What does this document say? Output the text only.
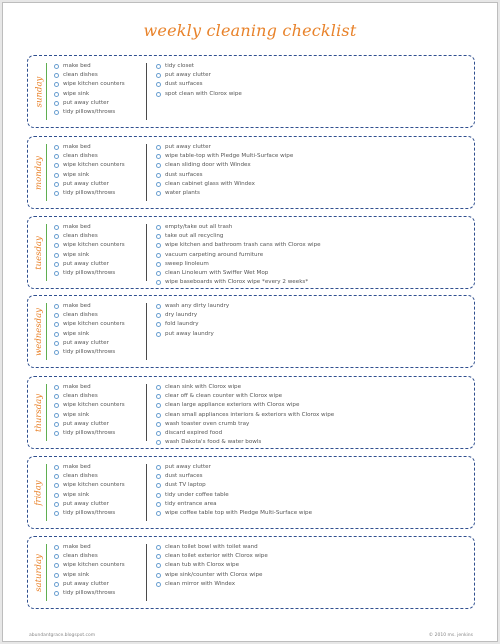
weekly cleaning checklist
sunday
make bed
clean dishes
wipe kitchen counters
wipe sink
put away clutter
tidy pillows/throws
tidy closet
put away clutter
dust surfaces
spot clean with Clorox wipe
monday
make bed
clean dishes
wipe kitchen counters
wipe sink
put away clutter
tidy pillows/throws
put away clutter
wipe table-top with Pledge Multi-Surface wipe
clean sliding door with Windex
dust surfaces
clean cabinet glass with Windex
water plants
tuesday
make bed
clean dishes
wipe kitchen counters
wipe sink
put away clutter
tidy pillows/throws
empty/take out all trash
take out all recycling
wipe kitchen and bathroom trash cans with Clorox wipe
vacuum carpeting around furniture
sweep linoleum
clean Linoleum with Swiffer Wet Mop
wipe baseboards with Clorox wipe *every 2 weeks*
wednesday
make bed
clean dishes
wipe kitchen counters
wipe sink
put away clutter
tidy pillows/throws
wash any dirty laundry
dry laundry
fold laundry
put away laundry
thursday
make bed
clean dishes
wipe kitchen counters
wipe sink
put away clutter
tidy pillows/throws
clean sink with Clorox wipe
clear off & clean counter with Clorox wipe
clean large appliance exteriors with Clorox wipe
clean small appliances interiors & exteriors with Clorox wipe
wash toaster oven crumb tray
discard expired food
wash Dakota's food & water bowls
friday
make bed
clean dishes
wipe kitchen counters
wipe sink
put away clutter
tidy pillows/throws
put away clutter
dust surfaces
dust TV laptop
tidy under coffee table
tidy entrance area
wipe coffee table top with Pledge Multi-Surface wipe
saturday
make bed
clean dishes
wipe kitchen counters
wipe sink
put away clutter
tidy pillows/throws
clean toilet bowl with toilet wand
clean toilet exterior with Clorox wipe
clean tub with Clorox wipe
wipe sink/counter with Clorox wipe
clean mirror with Windex
abundantgrace.blogspot.com	© 2010 ms. jenkins
